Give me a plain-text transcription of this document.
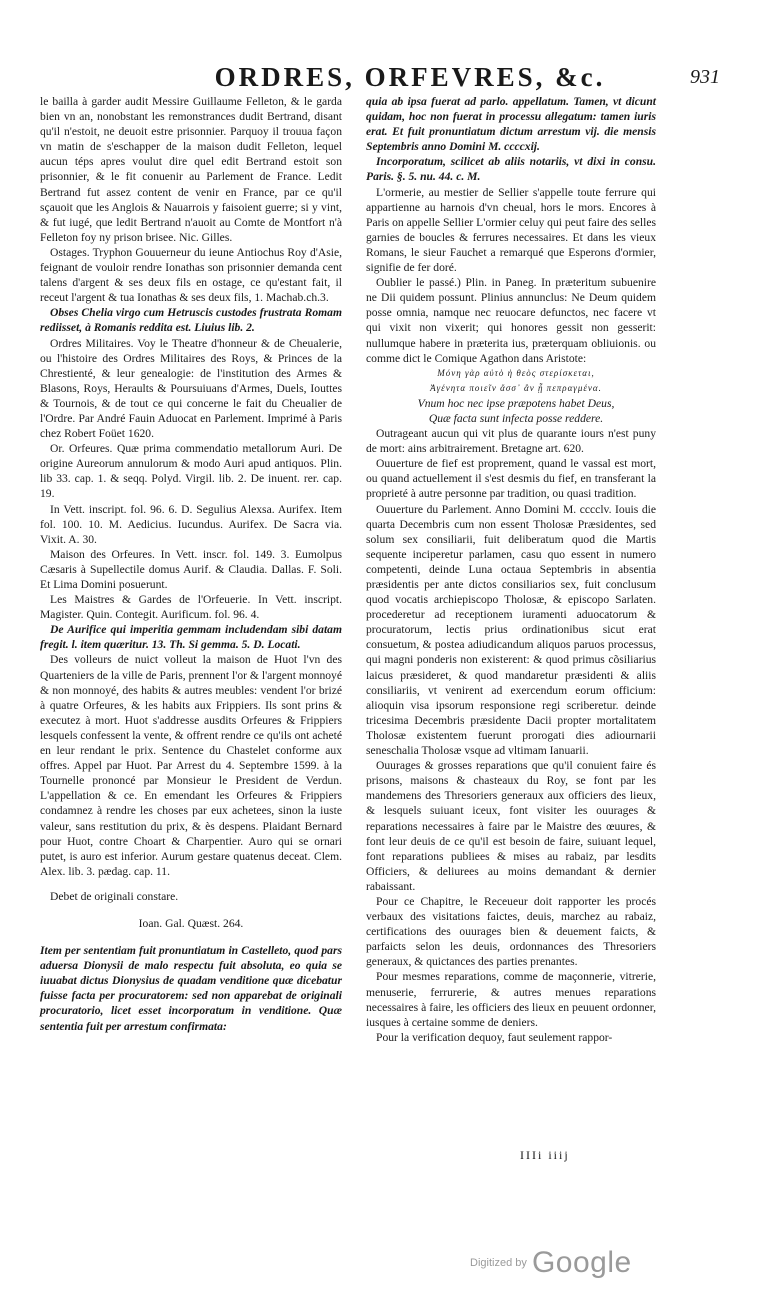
ORDRES, ORFEVRES, &c.	931

le bailla à garder audit Messire Guillaume Felleton, & le garda bien vn an, nonobstant les remonstrances dudit Bertrand, disant qu'il n'estoit, ne deuoit estre prisonnier. Parquoy il trouua façon vn matin de s'eschapper de la maison dudit Felleton, lequel aucun téps apres voulut dire quel edit Bertrand estoit son prisonnier, & le fit conuenir au Parlement de France. Ledit Bertrand fut assez content de venir en France, par ce qu'il sçauoit que les Anglois & Nauarrois y faisoient guerre; si y vint, & fut iugé, que ledit Bertrand n'auoit au Comte de Montfort n'à Felleton foy ny prison brisee. Nic. Gilles.

Ostages. Tryphon Gouuerneur du ieune Antiochus Roy d'Asie, feignant de vouloir rendre Ionathas son prisonnier demanda cent talens d'argent & ses deux fils en ostage, ce qu'estant fait, il receut l'argent & tua Ionathas & ses deux fils, 1. Machab.ch.3.

Obses Chelia virgo cum Hetruscis custodes frustrata Romam rediisset, à Romanis reddita est. Liuius lib. 2.

Ordres Militaires. Voy le Theatre d'honneur & de Cheualerie, ou l'histoire des Ordres Militaires des Roys, & Princes de la Chrestienté, & leur genealogie: de l'institution des Armes & Blasons, Roys, Heraults & Poursuiuans d'Armes, Duels, Iouttes & Tournois, & de tout ce qui concerne le fait du Cheualier de l'Ordre. Par André Fauin Aduocat en Parlement. Imprimé à Paris chez Robert Foüet 1620.

Or. Orfeures. Quæ prima commendatio metallorum Auri. De origine Aureorum annulorum & modo Auri apud antiquos. Plin. lib 33. cap. 1. & seqq. Polyd. Virgil. lib. 2. De inuent. rer. cap. 19.

In Vett. inscript. fol. 96. 6. D. Segulius Alexsa. Aurifex. Item fol. 100. 10. M. Aedicius. Iucundus. Aurifex. De Sacra via. Vixit. A. 30.

Maison des Orfeures. In Vett. inscr. fol. 149. 3. Eumolpus Cæsaris à Supellectile domus Aurif. & Claudia. Dallas. F. Soli. Et Lima Domini posuerunt.

Les Maistres & Gardes de l'Orfeuerie. In Vett. inscript. Magister. Quin. Contegit. Aurificum. fol. 96. 4.

De Aurifice qui imperitia gemmam includendam sibi datam fregit. l. item quæritur. 13. Th. Si gemma. 5. D. Locati.

Des volleurs de nuict volleut la maison de Huot l'vn des Quarteniers de la ville de Paris, prennent l'or & l'argent monnoyé & non monnoyé, des habits & autres meubles: vendent l'or brizé à quatre Orfeures, & les habits aux Frippiers. Ils sont prins & executez à mort. Huot s'addresse ausdits Orfeures & Frippiers lesquels confessent la vente, & offrent rendre ce qu'ils ont acheté en leur rendant le prix. Sentence du Chastelet conforme aux offres. Appel par Huot. Par Arrest du 4. Septembre 1599. à la Tournelle prononcé par Monsieur le President de Verdun. L'appellation & ce. En emendant les Orfeures & Frippiers condamnez à rendre les choses par eux achetees, sinon la iuste valeur, sans restitution du prix, & ès despens. Plaidant Bernard pour Huot, contre Choart & Charpentier. Auro qui se ornari putet, is auro est inferior. Aurum gestare quatenus deceat. Clem. Alex. lib. 3. pædag. cap. 11.

Debet de originali constare.

Ioan. Gal. Quæst. 264.

Item per sententiam fuit pronuntiatum in Castelleto, quod pars aduersa Dionysii de malo respectu fuit absoluta, eo quia se iuuabat dictus Dionysius de quadam venditione quæ dicebatur fuisse facta per procuratorem: sed non apparebat de originali procuratorio, licet esset incorporatum in venditione. Quæ sententia fuit per arrestum confirmata:

quia ab ipsa fuerat ad parlo. appellatum. Tamen, vt dicunt quidam, hoc non fuerat in processu allegatum: tamen iuris erat. Et fuit pronuntiatum dictum arrestum vij. die mensis Septembris anno Domini M. ccccxij.

Incorporatum, scilicet ab aliis notariis, vt dixi in consu. Paris. §. 5. nu. 44. c. M.

L'ormerie, au mestier de Sellier s'appelle toute ferrure qui appartienne au harnois d'vn cheual, hors le mors. Encores à Paris on appelle Sellier L'ormier celuy qui peut faire des selles garnies de boucles & ferrures necessaires. Et dans les vieux Romans, le sieur Fauchet a remarqué que Esperons d'ormier, signifie de fer doré.

Oublier le passé.) Plin. in Paneg. In præteritum subuenire ne Dii quidem possunt. Plinius annunclus: Ne Deum quidem posse omnia, namque nec reuocare defunctos, nec facere vt qui vixit non vixerit; qui honores gessit non gesserit: nullumque habere in præterita ius, præterquam obliuionis. ou comme dict le Comique Agathon dans Aristote:

Μόνη γὰρ αὐτὸ ἡ θεὸς στερίσκεται,

Ἀγένητα ποιεῖν ἅσσ᾽ ἂν ᾖ πεπραγμένα.

Vnum hoc nec ipse præpotens habet Deus,

Quæ facta sunt infecta posse reddere.

Outrageant aucun qui vit plus de quarante iours n'est puny de mort: ains arbitrairement. Bretagne art. 620.

Ouuerture de fief est proprement, quand le vassal est mort, ou quand actuellement il s'est desmis du fief, en transferant la proprieté à autre personne par tradition, ou quasi tradition.

Ouuerture du Parlement. Anno Domini M. cccclv. Iouis die quarta Decembris cum non essent Tholosæ Præsidentes, sed solum sex consiliarii, fuit deliberatum quod die Martis sequente inciperetur parlamen, casu quo essent in numero competenti, deinde Luna octaua Septembris in absentia præsidentis per ante dictos consiliarios sex, fuit conclusum quod vocatis archiepiscopo Tholosæ, & episcopo Sarlaten. procederetur ad receptionem iuramenti aduocatorum & procuratorum, lectis prius ordinationibus sicut erat consuetum, & postea adiudicandum aliquos paruos processus, qui magni ponderis non existerent: & quod primus cõsiliarius laicus præsideret, & quod mandaretur præsidenti & aliis consiliariis, vt venirent ad exercendum eorum officium: alioquin visa ipsorum responsione regi scriberetur. deinde tricesima Decembris præsidente Dacii propter mortalitatem Tholosæ existentem fuerunt prorogati dies adiournarii seneschalia Tholosæ vsque ad vltimam Ianuarii.

Ouurages & grosses reparations que qu'il conuient faire és prisons, maisons & chasteaux du Roy, se font par les mandemens des Thresoriers generaux aux officiers des lieux, & lesquels suiuant iceux, font visiter les ouurages & reparations necessaires à faire par le Maistre des œuures, & font leur deuis de ce qu'il est besoin de faire, suiuant lequel, font reparations publiees & mises au rabaiz, par lesdits Officiers, & deliurees au moins demandant & dernier rabaissant.

Pour ce Chapitre, le Receueur doit rapporter les procés verbaux des visitations faictes, deuis, marchez au rabaiz, certifications des ouurages bien & deuement faicts, & parfaicts selon les deuis, ordonnances des Thresoriers generaux, & quictances des parties prenantes.

Pour mesmes reparations, comme de maçonnerie, vitrerie, menuserie, ferrurerie, & autres menues reparations necessaires à faire, les officiers des lieux en peuuent ordonner, iusques à certaine somme de deniers.

Pour la verification dequoy, faut seulement rappor-

IIIi iiij
Digitized by Google
